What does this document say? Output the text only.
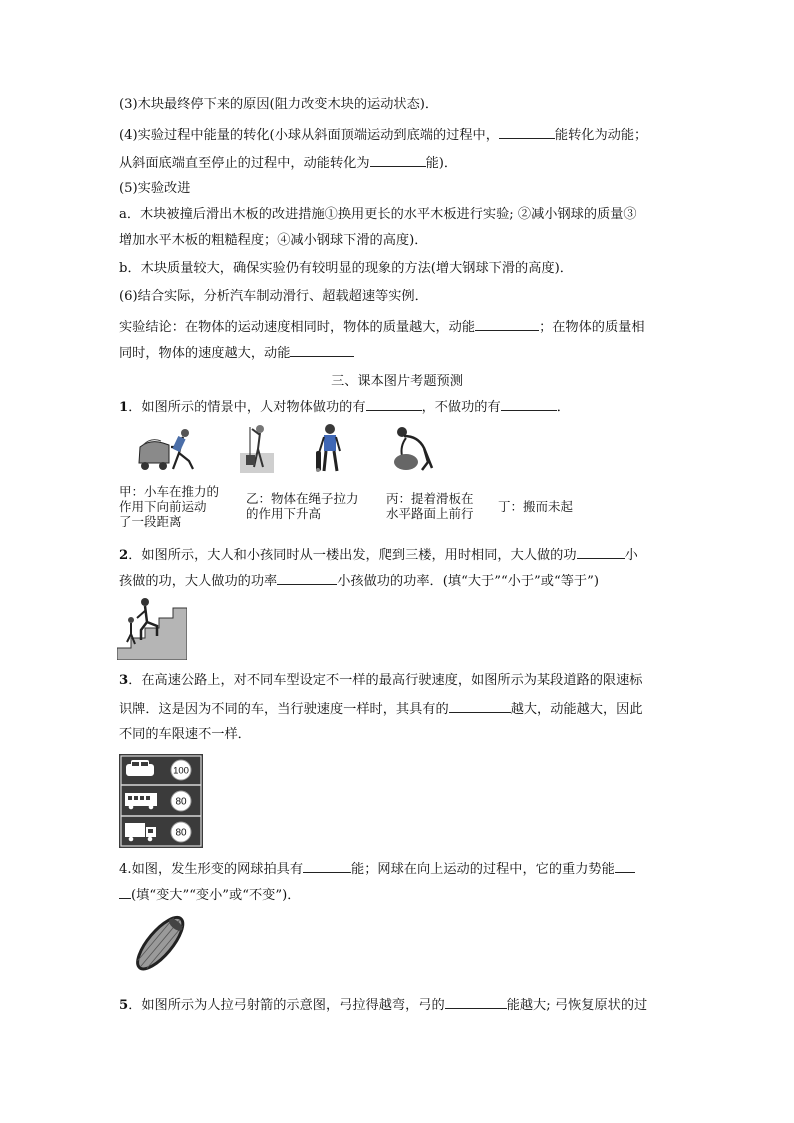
(3)木块最终停下来的原因(阻力改变木块的运动状态)．
(4)实验过程中能量的转化(小球从斜面顶端运动到底端的过程中，	能转化为动能；
从斜面底端直至停止的过程中，动能转化为	能)．
(5)实验改进
a．木块被撞后滑出木板的改进措施①换用更长的水平木板进行实验; ②减小钢球的质量③
增加水平木板的粗糙程度；④减小钢球下滑的高度)．
b．木块质量较大，确保实验仍有较明显的现象的方法(增大钢球下滑的高度)．
(6)结合实际，分析汽车制动滑行、超载超速等实例．
实验结论：在物体的运动速度相同时，物体的质量越大，动能	；在物体的质量相
同时，物体的速度越大，动能
三、课本图片考题预测
1．如图所示的情景中，人对物体做功的有	，不做功的有	．
甲：小车在推力的
作用下向前运动
了一段距离
乙：物体在绳子拉力
的作用下升高
丙：提着滑板在
水平路面上前行 丁：搬而未起
2．如图所示，大人和小孩同时从一楼出发，爬到三楼，用时相同，大人做的功	小
孩做的功，大人做功的功率	小孩做功的功率．(填“大于”“小于”或“等于”)
3．在高速公路上，对不同车型设定不一样的最高行驶速度，如图所示为某段道路的限速标
识牌．这是因为不同的车，当行驶速度一样时，其具有的	越大，动能越大，因此
不同的车限速不一样．
100
80
80
4.如图，发生形变的网球拍具有	能；网球在向上运动的过程中，它的重力势能
(填“变大”“变小”或“不变”)．
5．如图所示为人拉弓射箭的示意图，弓拉得越弯，弓的	能越大; 弓恢复原状的过
